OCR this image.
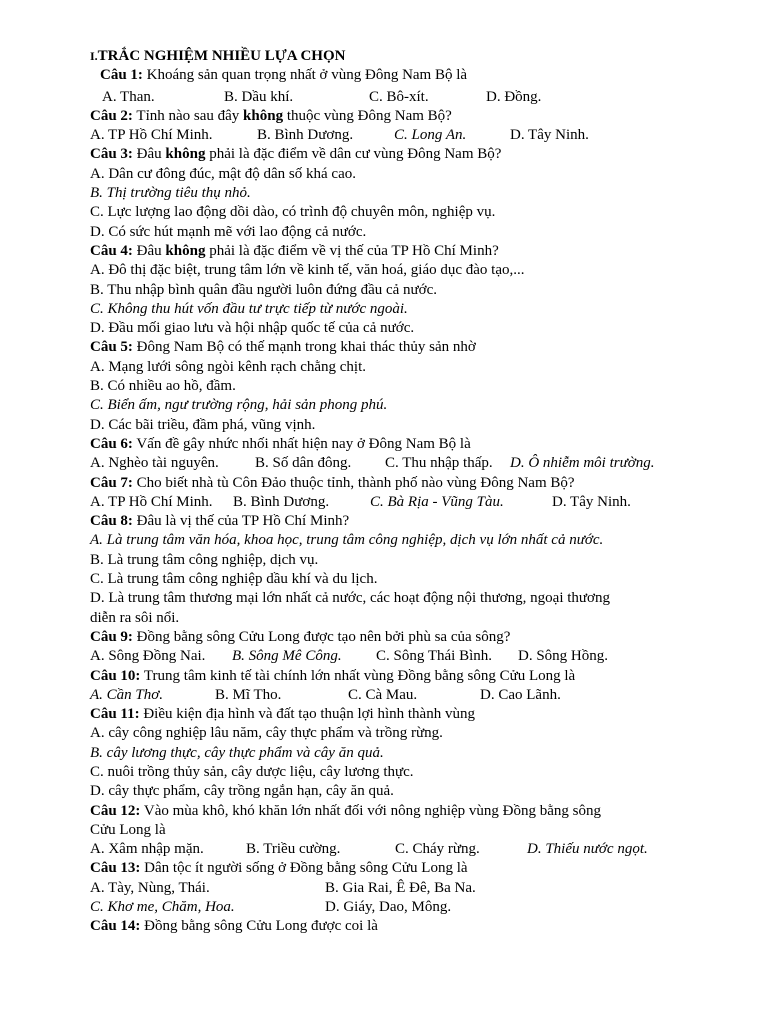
I.TRẮC NGHIỆM NHIỀU LỰA CHỌN
Câu 1: Khoáng sản quan trọng nhất ở vùng Đông Nam Bộ là
A. Than.	B. Dầu khí.	C. Bô-xít.	D. Đồng.
Câu 2: Tỉnh nào sau đây không thuộc vùng Đông Nam Bộ?
A. TP Hồ Chí Minh.	B. Bình Dương.	C. Long An.	D. Tây Ninh.
Câu 3: Đâu không phải là đặc điểm về dân cư vùng Đông Nam Bộ?
A. Dân cư đông đúc, mật độ dân số khá cao.
B. Thị trường tiêu thụ nhỏ.
C. Lực lượng lao động dồi dào, có trình độ chuyên môn, nghiệp vụ.
D. Có sức hút mạnh mẽ với lao động cả nước.
Câu 4: Đâu không phải là đặc điểm về vị thế của TP Hồ Chí Minh?
A. Đô thị đặc biệt, trung tâm lớn về kinh tế, văn hoá, giáo dục đào tạo,...
B. Thu nhập bình quân đầu người luôn đứng đầu cả nước.
C. Không thu hút vốn đầu tư trực tiếp từ nước ngoài.
D. Đầu mối giao lưu và hội nhập quốc tế của cả nước.
Câu 5: Đông Nam Bộ có thế mạnh trong khai thác thủy sản nhờ
A. Mạng lưới sông ngòi kênh rạch chằng chịt.
B. Có nhiều ao hồ, đầm.
C. Biển ấm, ngư trường rộng, hải sản phong phú.
D. Các bãi triều, đầm phá, vũng vịnh.
Câu 6: Vấn đề gây nhức nhối nhất hiện nay ở Đông Nam Bộ là
A. Nghèo tài nguyên. B. Số dân đông. C. Thu nhập thấp. D. Ô nhiễm môi trường.
Câu 7: Cho biết nhà tù Côn Đảo thuộc tỉnh, thành phố nào vùng Đông Nam Bộ?
A. TP Hồ Chí Minh. B. Bình Dương.	C. Bà Rịa - Vũng Tàu.	D. Tây Ninh.
Câu 8: Đâu là vị thế của TP Hồ Chí Minh?
A. Là trung tâm văn hóa, khoa học, trung tâm công nghiệp, dịch vụ lớn nhất cả nước.
B. Là trung tâm công nghiệp, dịch vụ.
C. Là trung tâm công nghiệp dầu khí và du lịch.
D. Là trung tâm thương mại lớn nhất cả nước, các hoạt động nội thương, ngoại thương
diễn ra sôi nổi.
Câu 9: Đồng bằng sông Cửu Long được tạo nên bởi phù sa của sông?
A. Sông Đồng Nai. B. Sông Mê Công. C. Sông Thái Bình. D. Sông Hồng.
Câu 10: Trung tâm kinh tế tài chính lớn nhất vùng Đồng bằng sông Cửu Long là
A. Cần Thơ.	B. Mĩ Tho.	C. Cà Mau.	D. Cao Lãnh.
Câu 11: Điều kiện địa hình và đất tạo thuận lợi hình thành vùng
A. cây công nghiệp lâu năm, cây thực phẩm và trồng rừng.
B. cây lương thực, cây thực phẩm và cây ăn quả.
C. nuôi trồng thủy sản, cây dược liệu, cây lương thực.
D. cây thực phẩm, cây trồng ngắn hạn, cây ăn quả.
Câu 12: Vào mùa khô, khó khăn lớn nhất đối với nông nghiệp vùng Đồng bằng sông
Cửu Long là
A. Xâm nhập mặn.	B. Triều cường.	C. Cháy rừng.	D. Thiếu nước ngọt.
Câu 13: Dân tộc ít người sống ở Đồng bằng sông Cửu Long là
A. Tày, Nùng, Thái.	B. Gia Rai, Ê Đê, Ba Na.
C. Khơ me, Chăm, Hoa.	D. Giáy, Dao, Mông.
Câu 14: Đồng bằng sông Cửu Long được coi là
